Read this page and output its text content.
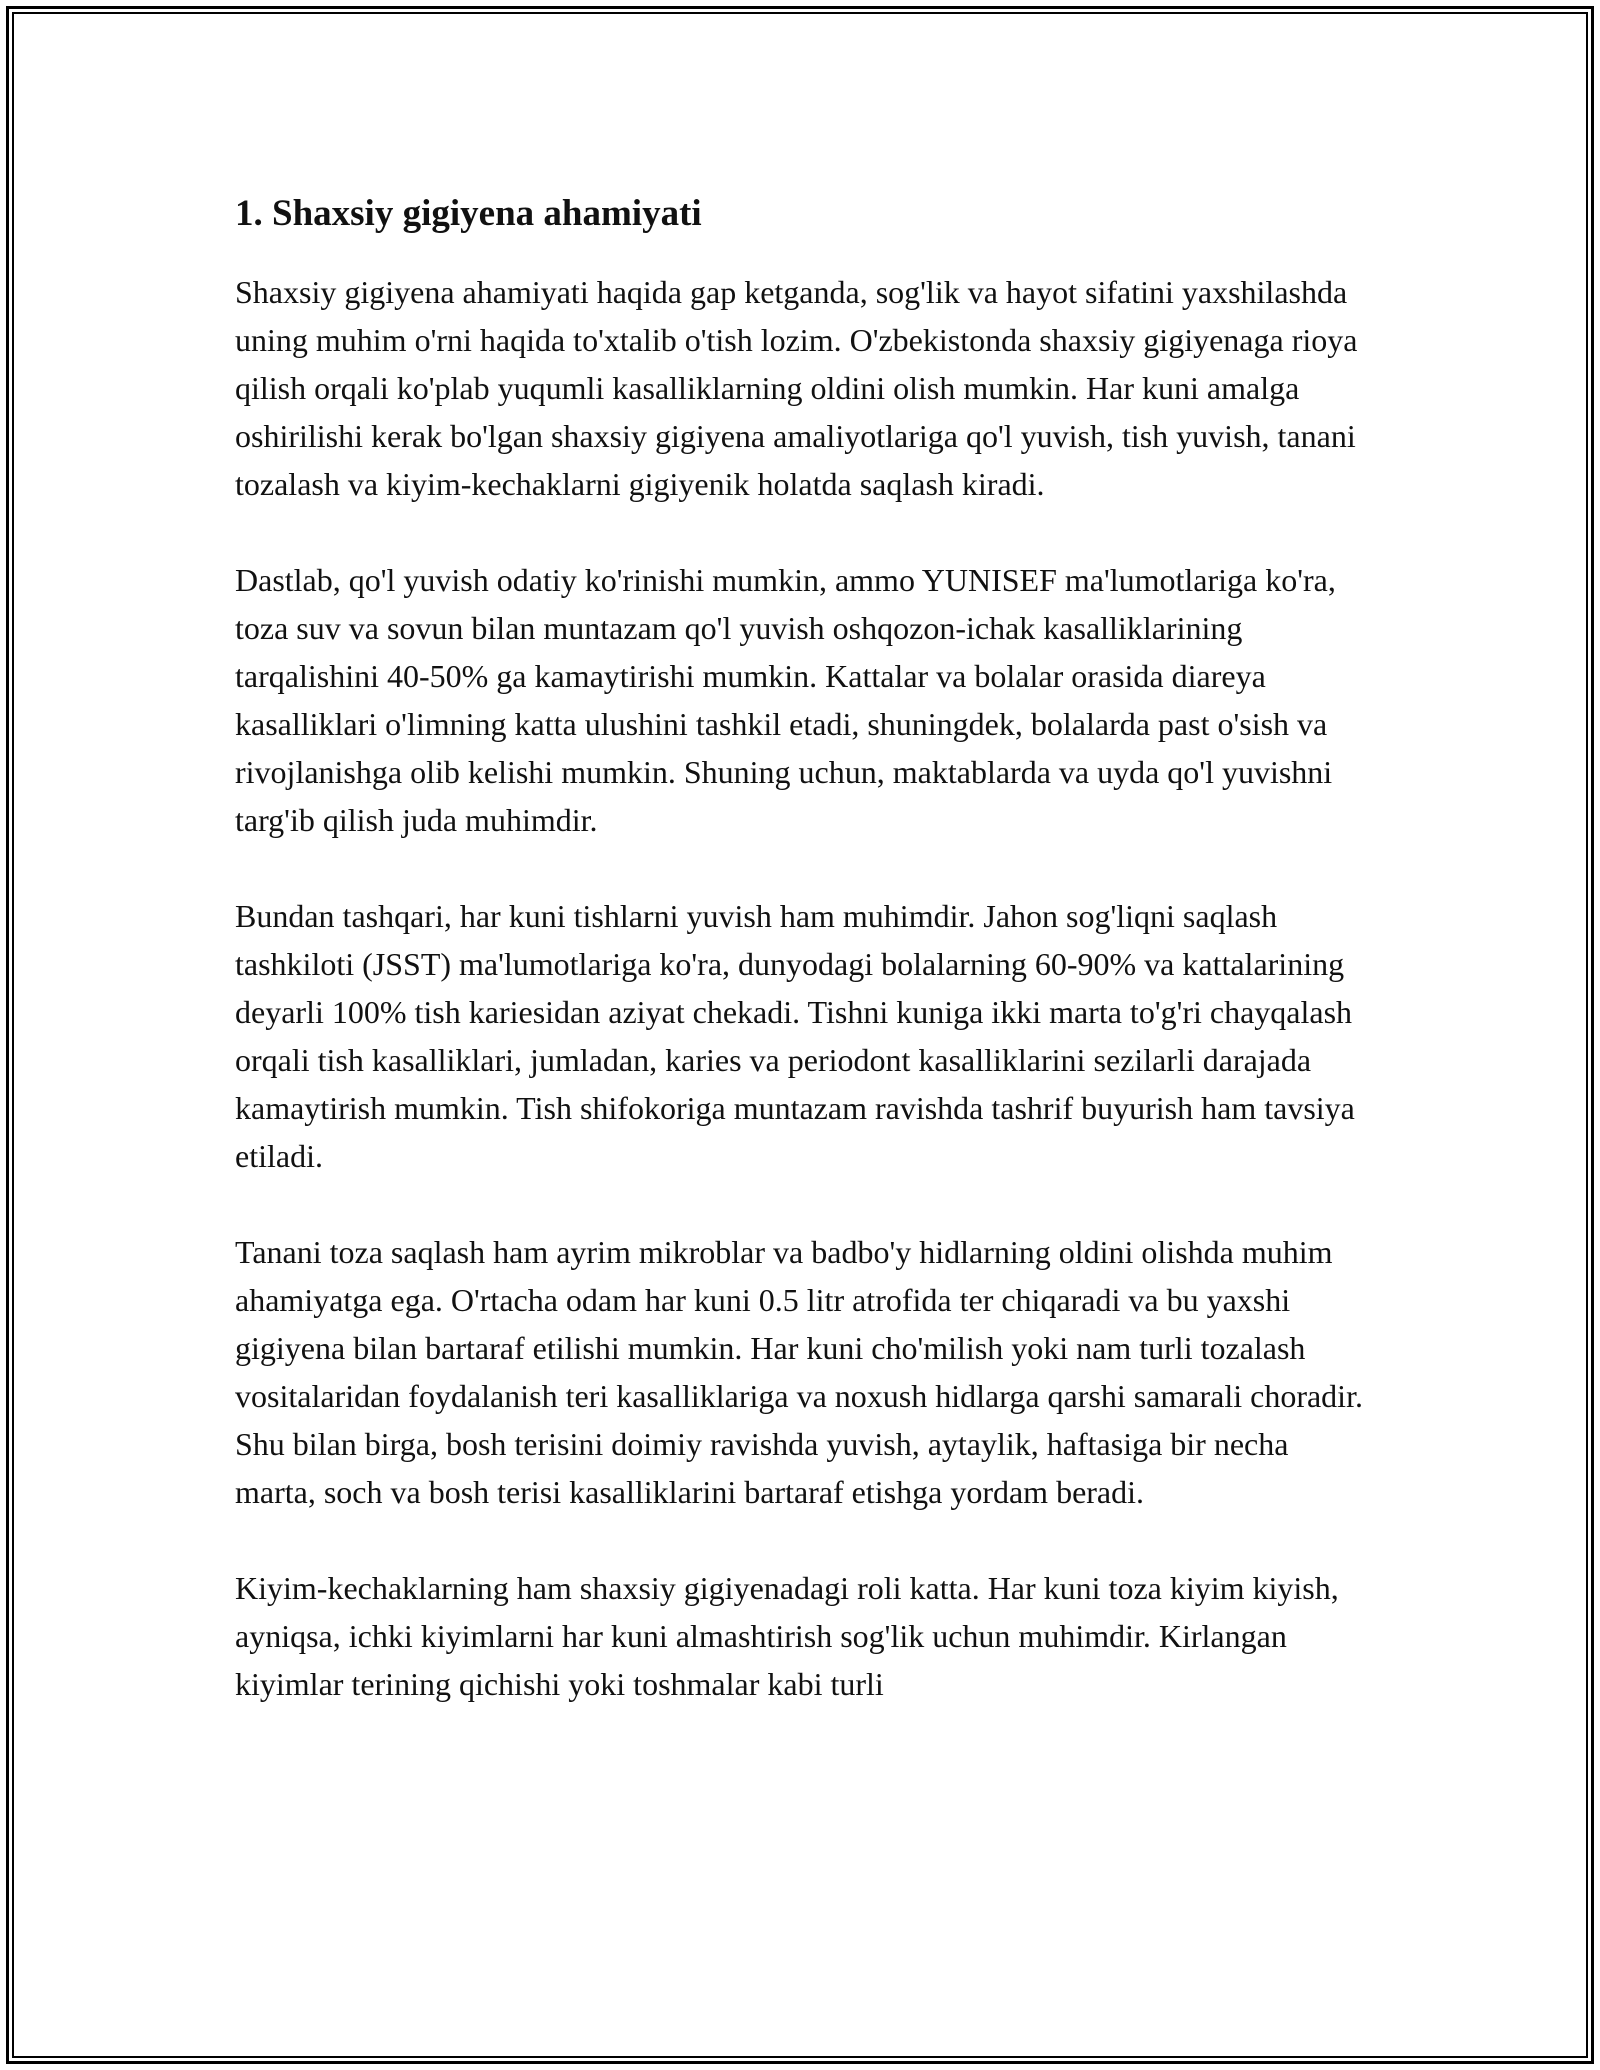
1. Shaxsiy gigiyena ahamiyati

Shaxsiy gigiyena ahamiyati haqida gap ketganda, sog'lik va hayot sifatini yaxshilashda uning muhim o'rni haqida to'xtalib o'tish lozim. O'zbekistonda shaxsiy gigiyenaga rioya qilish orqali ko'plab yuqumli kasalliklarning oldini olish mumkin. Har kuni amalga oshirilishi kerak bo'lgan shaxsiy gigiyena amaliyotlariga qo'l yuvish, tish yuvish, tanani tozalash va kiyim-kechaklarni gigiyenik holatda saqlash kiradi.

Dastlab, qo'l yuvish odatiy ko'rinishi mumkin, ammo YUNISEF ma'lumotlariga ko'ra, toza suv va sovun bilan muntazam qo'l yuvish oshqozon-ichak kasalliklarining tarqalishini 40-50% ga kamaytirishi mumkin. Kattalar va bolalar orasida diareya kasalliklari o'limning katta ulushini tashkil etadi, shuningdek, bolalarda past o'sish va rivojlanishga olib kelishi mumkin. Shuning uchun, maktablarda va uyda qo'l yuvishni targ'ib qilish juda muhimdir.

Bundan tashqari, har kuni tishlarni yuvish ham muhimdir. Jahon sog'liqni saqlash tashkiloti (JSST) ma'lumotlariga ko'ra, dunyodagi bolalarning 60-90% va kattalarining deyarli 100% tish kariesidan aziyat chekadi. Tishni kuniga ikki marta to'g'ri chayqalash orqali tish kasalliklari, jumladan, karies va periodont kasalliklarini sezilarli darajada kamaytirish mumkin. Tish shifokoriga muntazam ravishda tashrif buyurish ham tavsiya etiladi.

Tanani toza saqlash ham ayrim mikroblar va badbo'y hidlarning oldini olishda muhim ahamiyatga ega. O'rtacha odam har kuni 0.5 litr atrofida ter chiqaradi va bu yaxshi gigiyena bilan bartaraf etilishi mumkin. Har kuni cho'milish yoki nam turli tozalash vositalaridan foydalanish teri kasalliklariga va noxush hidlarga qarshi samarali choradir. Shu bilan birga, bosh terisini doimiy ravishda yuvish, aytaylik, haftasiga bir necha marta, soch va bosh terisi kasalliklarini bartaraf etishga yordam beradi.

Kiyim-kechaklarning ham shaxsiy gigiyenadagi roli katta. Har kuni toza kiyim kiyish, ayniqsa, ichki kiyimlarni har kuni almashtirish sog'lik uchun muhimdir. Kirlangan kiyimlar terining qichishi yoki toshmalar kabi turli
